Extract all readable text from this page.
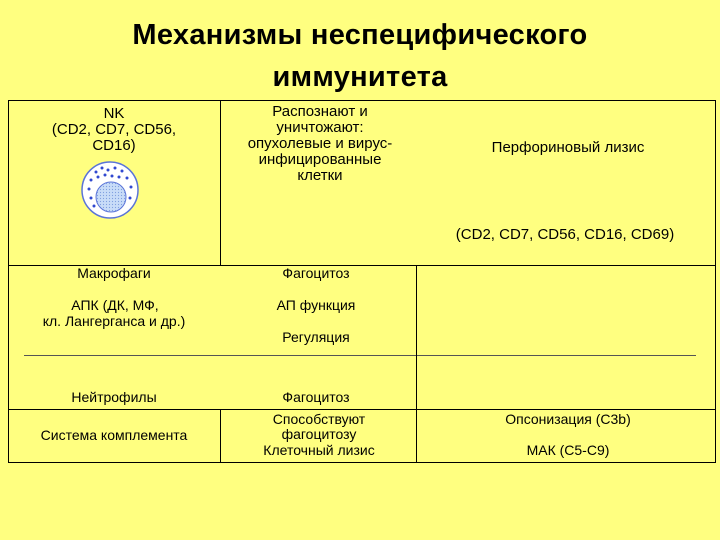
Механизмы неспецифического
иммунитета
NK
(CD2, CD7, CD56,
CD16)
Распознают и
уничтожают:
опухолевые и вирус-
инфицированные
клетки
Перфориновый лизис
(CD2, CD7, CD56, CD16, CD69)
Макрофаги	Фагоцитоз
АПК (ДК, МФ,
кл. Лангерганса и др.)
АП функция
Регуляция
Нейтрофилы	Фагоцитоз
Система комплемента
Способствуют
фагоцитозу
Клеточный лизис
Опсонизация (С3b)
МАК (С5-С9)
